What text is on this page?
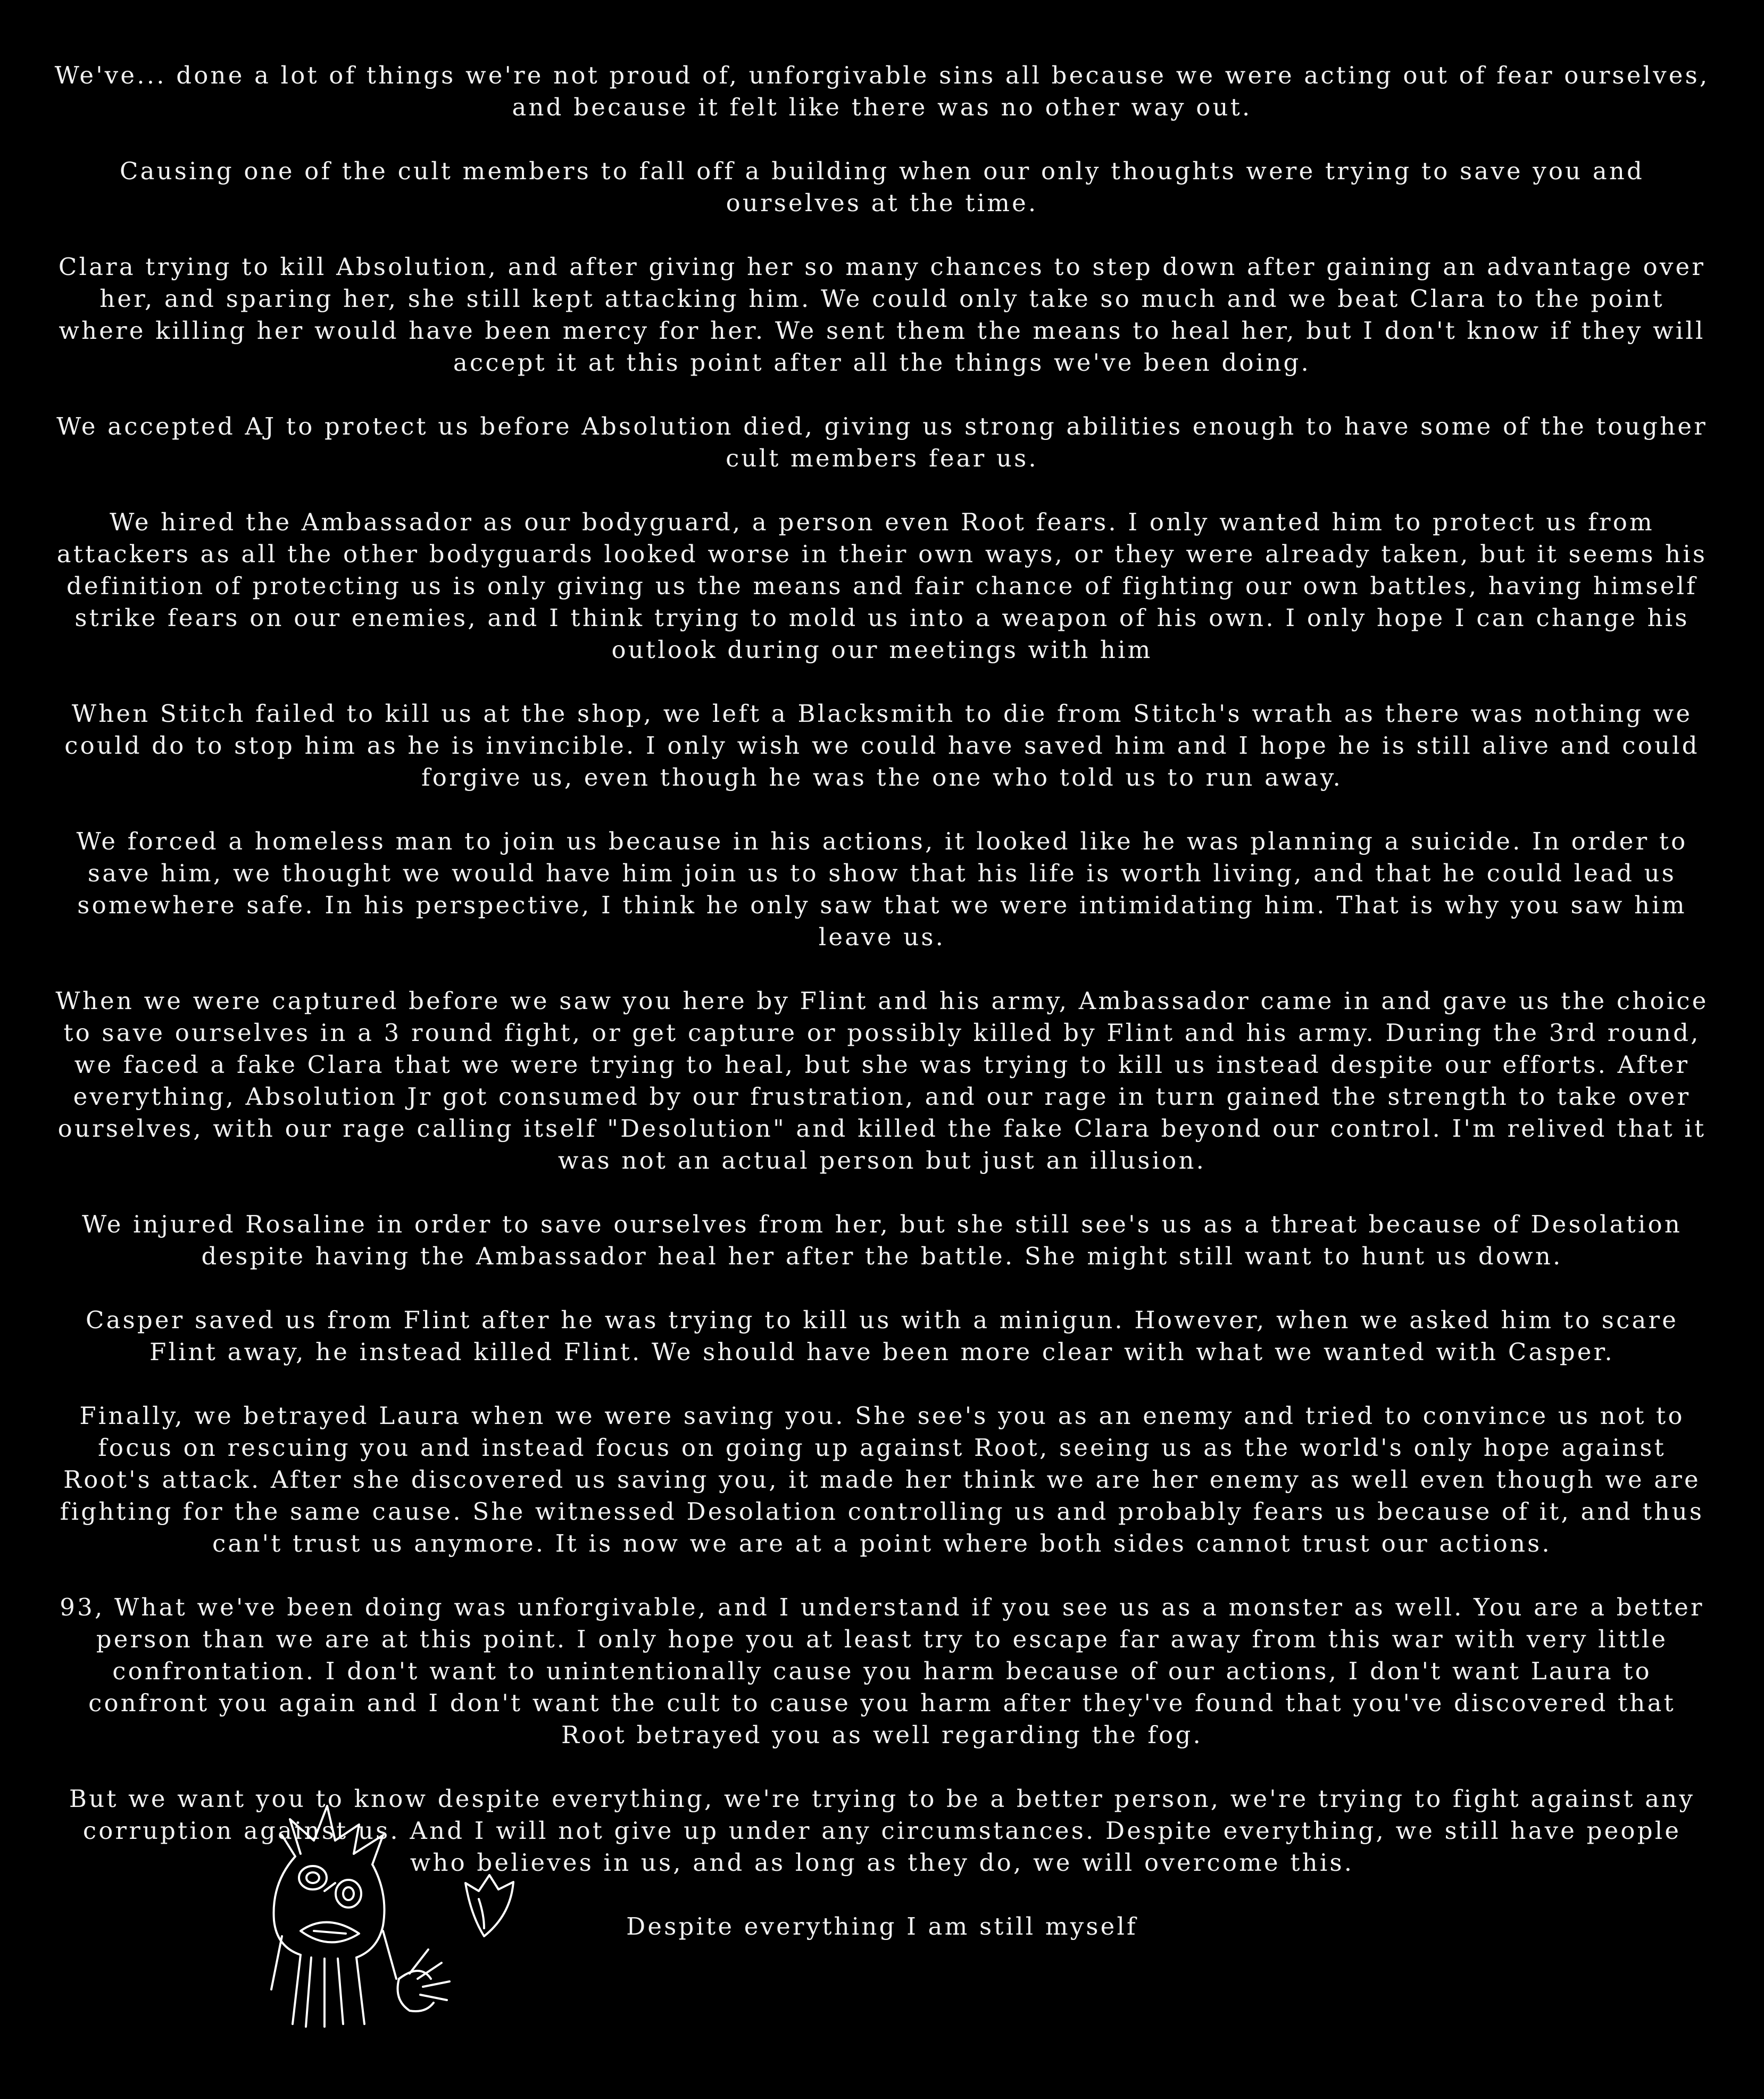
We've... done a lot of things we're not proud of, unforgivable sins all because we were acting out of fear ourselves, and because it felt like there was no other way out.

Causing one of the cult members to fall off a building when our only thoughts were trying to save you and ourselves at the time.

Clara trying to kill Absolution, and after giving her so many chances to step down after gaining an advantage over her, and sparing her, she still kept attacking him. We could only take so much and we beat Clara to the point where killing her would have been mercy for her. We sent them the means to heal her, but I don't know if they will accept it at this point after all the things we've been doing.

We accepted AJ to protect us before Absolution died, giving us strong abilities enough to have some of the tougher cult members fear us.

We hired the Ambassador as our bodyguard, a person even Root fears. I only wanted him to protect us from attackers as all the other bodyguards looked worse in their own ways, or they were already taken, but it seems his definition of protecting us is only giving us the means and fair chance of fighting our own battles, having himself strike fears on our enemies, and I think trying to mold us into a weapon of his own. I only hope I can change his outlook during our meetings with him

When Stitch failed to kill us at the shop, we left a Blacksmith to die from Stitch's wrath as there was nothing we could do to stop him as he is invincible. I only wish we could have saved him and I hope he is still alive and could forgive us, even though he was the one who told us to run away.

We forced a homeless man to join us because in his actions, it looked like he was planning a suicide. In order to save him, we thought we would have him join us to show that his life is worth living, and that he could lead us somewhere safe. In his perspective, I think he only saw that we were intimidating him. That is why you saw him leave us.

When we were captured before we saw you here by Flint and his army, Ambassador came in and gave us the choice to save ourselves in a 3 round fight, or get capture or possibly killed by Flint and his army. During the 3rd round, we faced a fake Clara that we were trying to heal, but she was trying to kill us instead despite our efforts. After everything, Absolution Jr got consumed by our frustration, and our rage in turn gained the strength to take over ourselves, with our rage calling itself "Desolution" and killed the fake Clara beyond our control. I'm relived that it was not an actual person but just an illusion.

We injured Rosaline in order to save ourselves from her, but she still see's us as a threat because of Desolation despite having the Ambassador heal her after the battle. She might still want to hunt us down.

Casper saved us from Flint after he was trying to kill us with a minigun. However, when we asked him to scare Flint away, he instead killed Flint. We should have been more clear with what we wanted with Casper.

Finally, we betrayed Laura when we were saving you. She see's you as an enemy and tried to convince us not to focus on rescuing you and instead focus on going up against Root, seeing us as the world's only hope against Root's attack. After she discovered us saving you, it made her think we are her enemy as well even though we are fighting for the same cause. She witnessed Desolation controlling us and probably fears us because of it, and thus can't trust us anymore. It is now we are at a point where both sides cannot trust our actions.

93, What we've been doing was unforgivable, and I understand if you see us as a monster as well. You are a better person than we are at this point. I only hope you at least try to escape far away from this war with very little confrontation. I don't want to unintentionally cause you harm because of our actions, I don't want Laura to confront you again and I don't want the cult to cause you harm after they've found that you've discovered that Root betrayed you as well regarding the fog.

But we want you to know despite everything, we're trying to be a better person, we're trying to fight against any corruption against us. And I will not give up under any circumstances. Despite everything, we still have people who believes in us, and as long as they do, we will overcome this.

Despite everything I am still myself
